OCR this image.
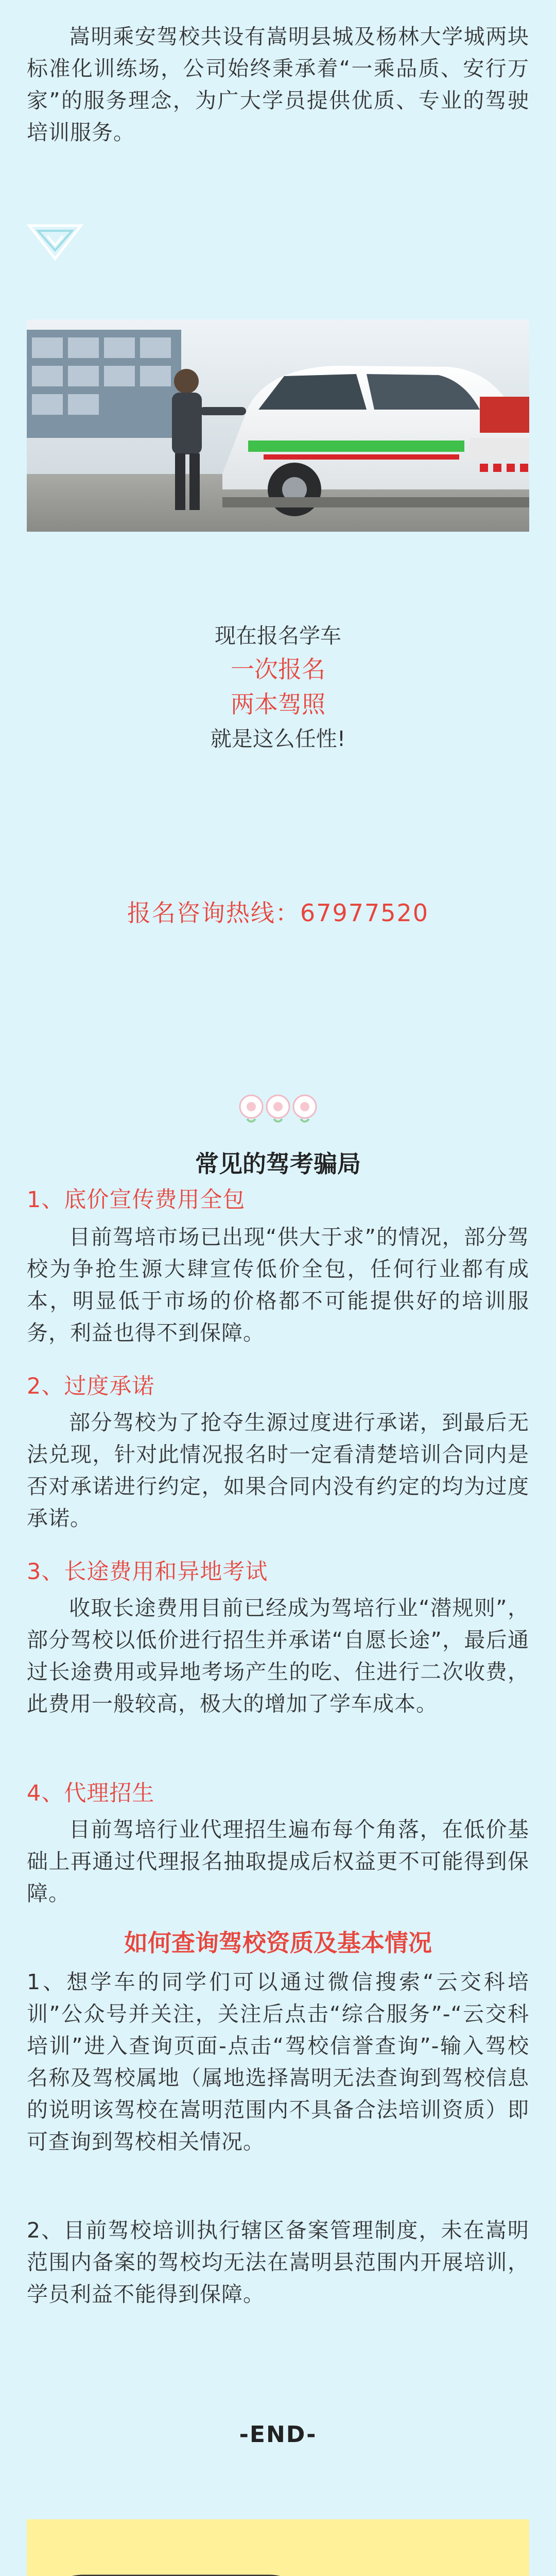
嵩明乘安驾校共设有嵩明县城及杨林大学城两块标准化训练场，公司始终秉承着“一乘品质、安行万家”的服务理念，为广大学员提供优质、专业的驾驶培训服务。

现在报名学车

一次报名

两本驾照

就是这么任性!

报名咨询热线：67977520

常见的驾考骗局

1、底价宣传费用全包

目前驾培市场已出现“供大于求”的情况，部分驾校为争抢生源大肆宣传低价全包，任何行业都有成本，明显低于市场的价格都不可能提供好的培训服务，利益也得不到保障。

2、过度承诺

部分驾校为了抢夺生源过度进行承诺，到最后无法兑现，针对此情况报名时一定看清楚培训合同内是否对承诺进行约定，如果合同内没有约定的均为过度承诺。

3、长途费用和异地考试

收取长途费用目前已经成为驾培行业“潜规则”，部分驾校以低价进行招生并承诺“自愿长途”，最后通过长途费用或异地考场产生的吃、住进行二次收费，此费用一般较高，极大的增加了学车成本。

4、代理招生

目前驾培行业代理招生遍布每个角落，在低价基础上再通过代理报名抽取提成后权益更不可能得到保障。

如何查询驾校资质及基本情况

1、想学车的同学们可以通过微信搜索“云交科培训”公众号并关注，关注后点击“综合服务”-“云交科培训”进入查询页面-点击“驾校信誉查询”-输入驾校名称及驾校属地（属地选择嵩明无法查询到驾校信息的说明该驾校在嵩明范围内不具备合法培训资质）即可查询到驾校相关情况。

2、目前驾校培训执行辖区备案管理制度，未在嵩明范围内备案的驾校均无法在嵩明县范围内开展培训，学员利益不能得到保障。

-END-
